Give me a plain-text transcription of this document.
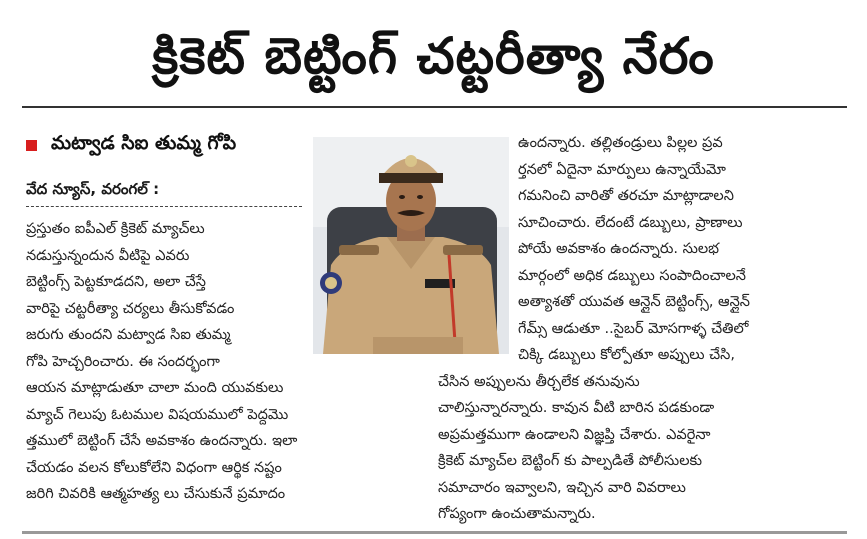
క్రికెట్ బెట్టింగ్ చట్టరీత్యా నేరం
మట్వాడ సిఐ తుమ్మ గోపి
వేద న్యూస్, వరంగల్ :
ప్రస్తుతం ఐపీఎల్ క్రికెట్ మ్యాచ్‌లు
నడుస్తున్నందున వీటిపై ఎవరు
బెట్టింగ్స్ పెట్టకూడదని, అలా చేస్తే
వారిపై చట్టరీత్యా చర్యలు తీసుకోవడం
జరుగు తుందని మట్వాడ సిఐ తుమ్మ
గోపి హెచ్చరించారు. ఈ సందర్భంగా
ఆయన మాట్లాడుతూ చాలా మంది యువకులు
మ్యాచ్ గెలుపు ఓటముల విషయములో పెద్దమొ
త్తములో బెట్టింగ్ చేసే అవకాశం ఉందన్నారు. ఇలా
చేయడం వలన కోలుకోలేని విధంగా ఆర్థిక నష్టం
జరిగి చివరికి ఆత్మహత్య లు చేసుకునే ప్రమాదం
ఉందన్నారు. తల్లితండ్రులు పిల్లల ప్రవ
ర్తనలో ఏదైనా మార్పులు ఉన్నాయేమో
గమనించి వారితో తరచూ మాట్లాడాలని
సూచించారు. లేదంటే డబ్బులు, ప్రాణాలు
పోయే అవకాశం ఉందన్నారు. సులభ
మార్గంలో అధిక డబ్బులు సంపాదించాలనే
అత్యాశతో యువత ఆన్లైన్ బెట్టింగ్స్, ఆన్లైన్
గేమ్స్ ఆడుతూ ..సైబర్ మోసగాళ్ళ చేతిలో
చిక్కి డబ్బులు కోల్పోతూ అప్పులు చేసి,
చేసిన అప్పులను తీర్చలేక తనువును
చాలిస్తున్నారన్నారు. కావున వీటి బారిన పడకుండా
అప్రమత్తముగా ఉండాలని విజ్ఞప్తి చేశారు. ఎవరైనా
క్రికెట్ మ్యాచ్‌ల బెట్టింగ్ కు పాల్పడితే పోలీసులకు
సమాచారం ఇవ్వాలని, ఇచ్చిన వారి వివరాలు
గోప్యంగా ఉంచుతామన్నారు.
